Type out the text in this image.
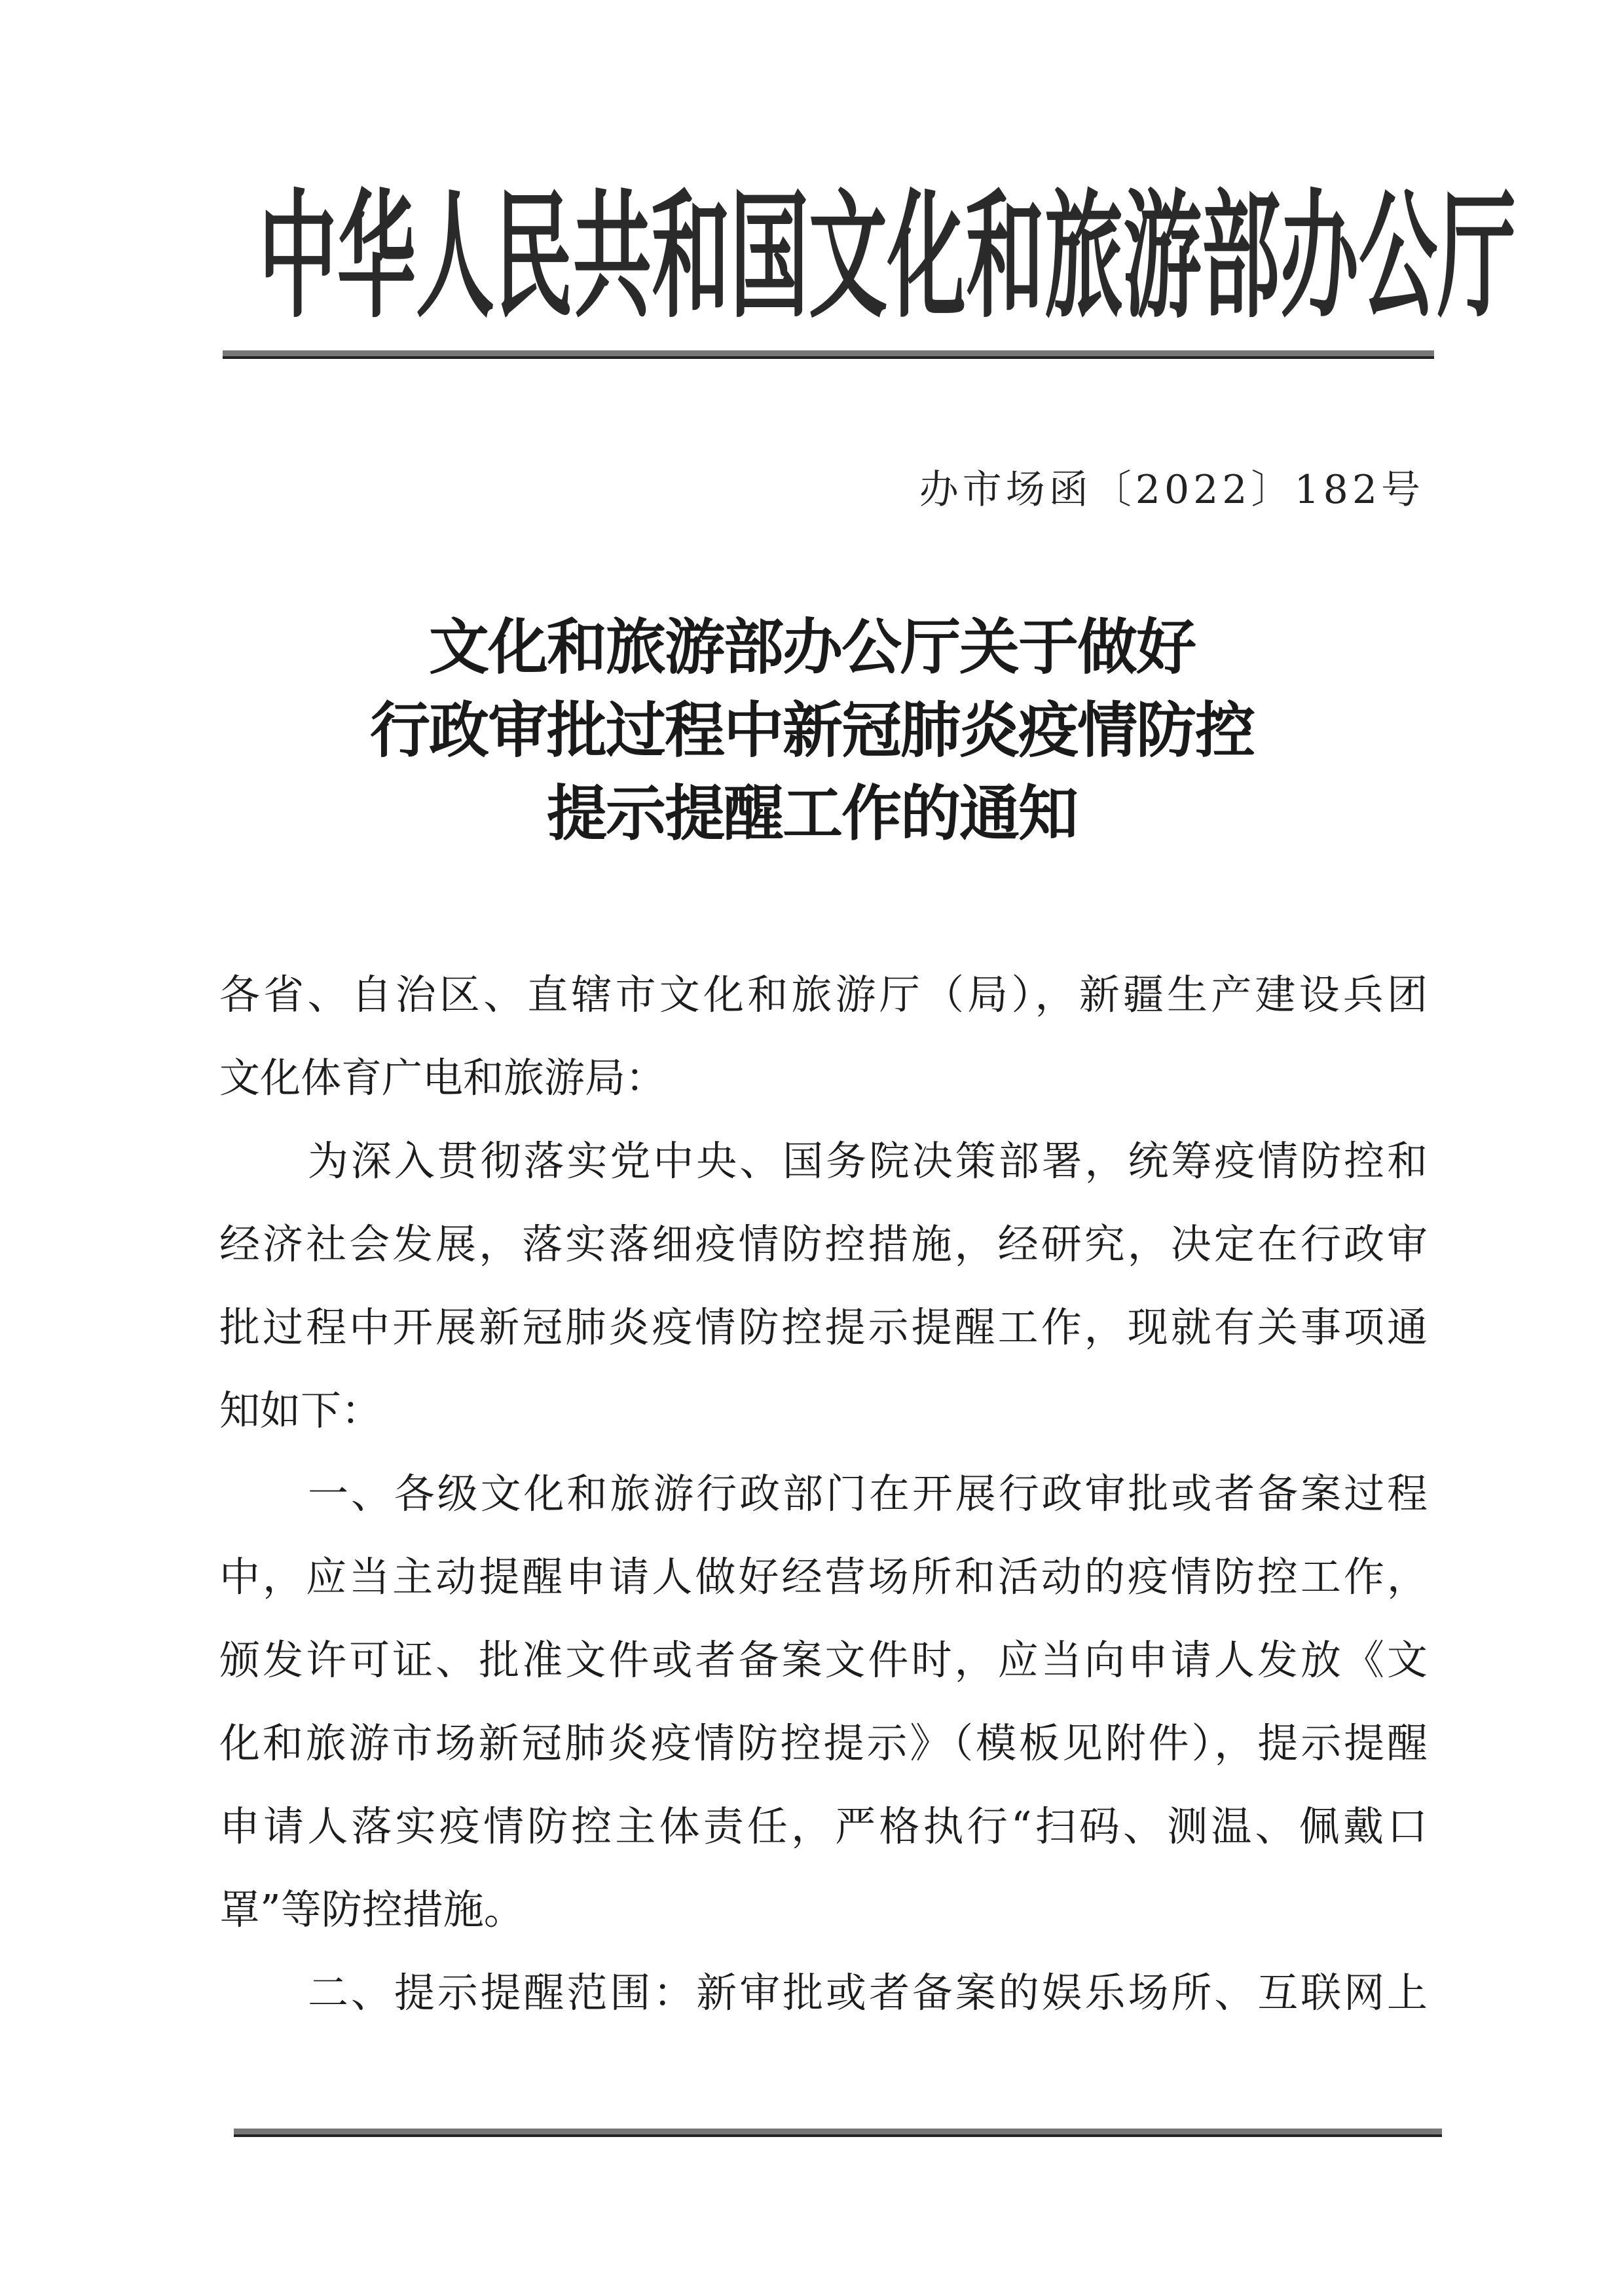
中 华 人 民 共 和 国 文 化 和 旅 游 部 办 公 厅
办市场函〔2022〕182号
文化和旅游部办公厅关于做好
行政审批过程中新冠肺炎疫情防控
提示提醒工作的通知
各省、自治区、直辖市文化和旅游厅（局），新疆生产建设兵团
文化体育广电和旅游局：
为深入贯彻落实党中央、国务院决策部署，统筹疫情防控和
经济社会发展，落实落细疫情防控措施，经研究，决定在行政审
批过程中开展新冠肺炎疫情防控提示提醒工作，现就有关事项通
知如下：
一、各级文化和旅游行政部门在开展行政审批或者备案过程
中，应当主动提醒申请人做好经营场所和活动的疫情防控工作，
颁发许可证、批准文件或者备案文件时，应当向申请人发放《文
化和旅游市场新冠肺炎疫情防控提示》（模板见附件），提示提醒
申请人落实疫情防控主体责任，严格执行“扫码、测温、佩戴口
罩”等防控措施。
二、提示提醒范围：新审批或者备案的娱乐场所、互联网上
